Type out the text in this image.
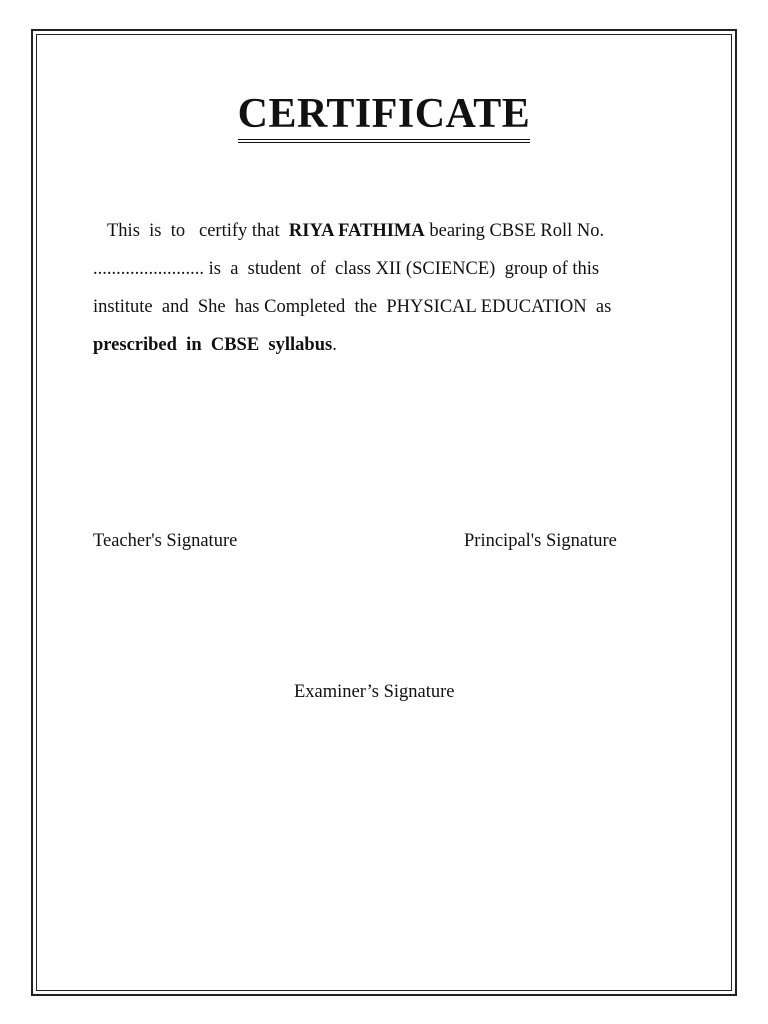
CERTIFICATE
This  is  to   certify that  RIYA FATHIMA bearing CBSE Roll No.
........................ is  a  student  of  class XII (SCIENCE)  group of this
institute  and  She  has Completed  the  PHYSICAL EDUCATION  as
prescribed  in  CBSE  syllabus.
Teacher's Signature	Principal's Signature
Examiner’s Signature
